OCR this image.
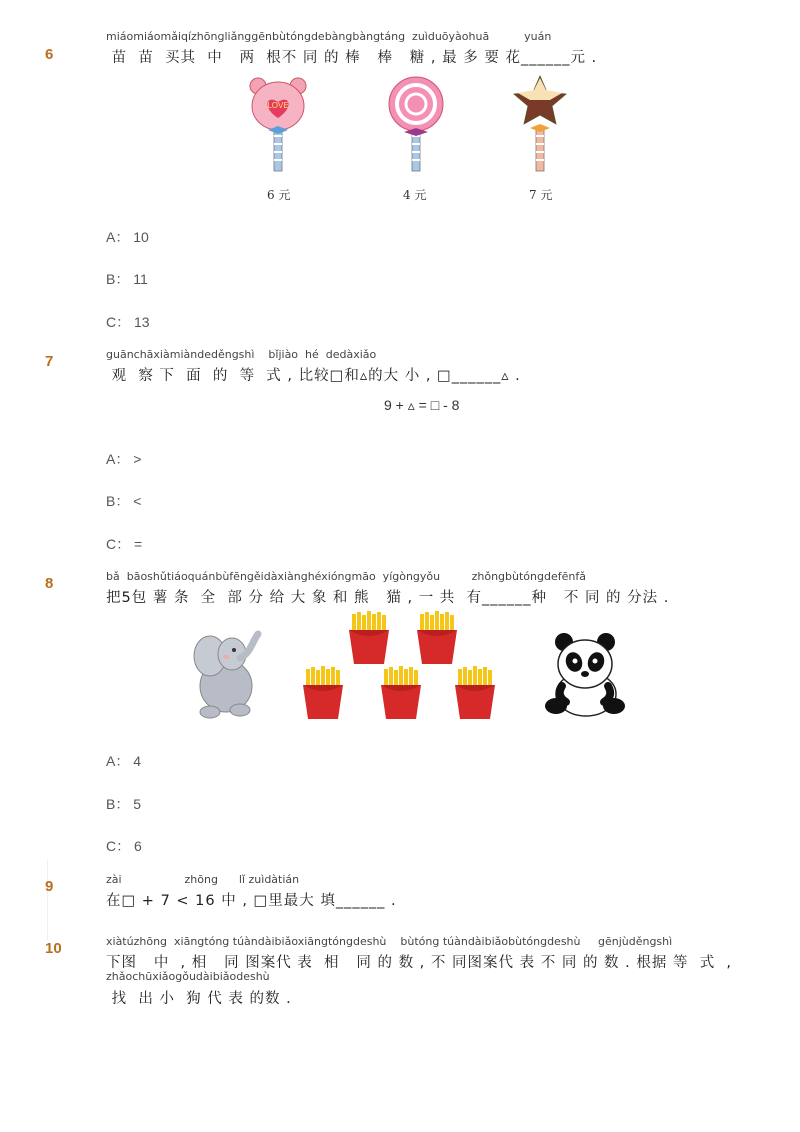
miáomiáomǎiqízhōngliǎnggēnbùtóngdebàngbàngtáng  zuìduōyàohuā          yuán
6	苗  苗  买其  中   两  根不 同 的 棒   棒   糖 , 最 多 要 花______元 .
LOVE
6 元	4 元	7 元
A： 10
B： 11
C： 13
guānchāxiàmiàndeděngshì    bǐjiào  hé  dedàxiǎo
7
观  察 下  面  的  等  式 , 比较□和▵的大 小 , □______▵ .
9 + ▵ = □ - 8
A： >
B： <
C： =
bǎ  bāoshǔtiáoquánbùfēngěidàxiànghéxióngmāo  yígòngyǒu         zhǒngbùtóngdefēnfǎ
8
把5包 薯 条  全  部 分 给 大 象 和 熊   猫 , 一 共  有______种   不 同 的 分法 .
A： 4
B： 5
C： 6
zài                  zhōng      lǐ zuìdàtián
9
在□ + 7 < 16 中 , □里最大 填______ .
xiàtúzhōng  xiāngtóng túàndàibiǎoxiāngtóngdeshù    bùtóng túàndàibiǎobùtóngdeshù     gēnjùděngshì
10
下图   中  , 相   同 图案代 表  相   同 的 数 , 不 同图案代 表 不 同 的 数 . 根据 等  式  ,
zhǎochūxiǎogǒudàibiǎodeshù
找  出 小  狗 代 表 的数 .
